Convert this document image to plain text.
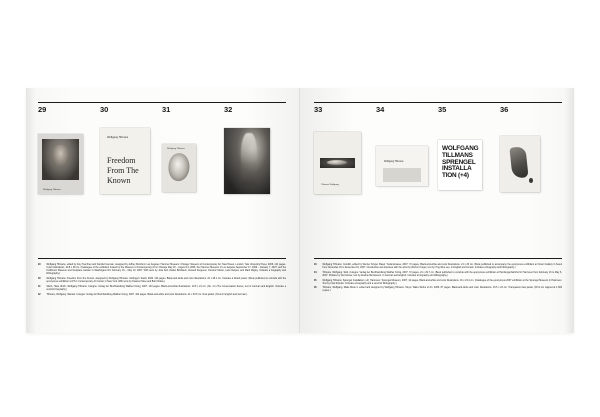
29	30	31	32
Wolfgang Tillmans
Wolfgang Tillmans
Freedom From The Known
Wolfgang Tillmans
29	Wolfgang Tillmans, edited by Amy Teschner and Kamila Foreman, designed by Jeffrey Mumford. Los Angeles: Hammer Museum; Chicago: Museum of Contemporary Art; New Haven, London: Yale University Press, 2006. 141 pages. Color illustrations. 23.8 x 28 cm. (Catalogue of the exhibition hosted by the Museum of Contemporary Art in Chicago May 20 – August 13, 2006; the Hammer Museum in Los Angeles September 17, 2006 – January 7, 2007; and the Krollbrunn Museum and Sculpture Garden in Washington DC February 15 – May 13, 2007. With texts by Julie Ault, Daniel Birnbaum, Russell Ferguson, Dominic Molon, Lane Relyea, and Mark Wigley. Includes a biography and bibliography.)
30	Wolfgang Tillmans: Freedom From the Known, designed by Wolfgang Tillmans. Göttingen: Steidl, 2006. 124 pages. Black-and-white and color illustrations. 22 x 28.1 cm. Includes a folded poster. (Book published to coincide with the eponymous exhibition at P.S.1 Contemporary Art Center in New York. With texts by Kwame Helse and Bob Nickas.)
31	Silent, Hans Ulrich, Wolfgang Tillmans: Cologne: Verlag der Buchhandlung Walther König, 2007. 143 pages. Black-and-white illustrations. 10.5 x 21 cm. (No. 4 in The Conversation Series, text in German and English. Includes a succinct biography.)
32	Tillmans, Wolfgang. Manual. Cologne: Verlag der Buchhandlung Walther König, 2007. 422 pages. Black-and-white and color illustrations. 21 x 30.5 cm. Dust jacket. (Texts in English and German.)
33	34	35	36
Tillmans Wolfgang
Wolfgang Tillmans
WOLFGANG TILLMANS SPRENGEL INSTALLA TION (+4)
33	Wolfgang Tillmans: Conditti, edited by Werner Krüger. Basel: Teufenstrasse, 2007. 72 pages. Black-and-white and color illustrations. 21 x 26 cm. (Book published to accompany the eponymous exhibition at Orsoni Gallery in Seoul from November 16 to December 10, 2007. Introduction and interview with the artist by Werner Krüger, text by Ying Woo Lee, in English and Korean. Includes a biography and bibliography.)
34	Tillmans, Wolfgang. Skid. Cologne: Verlag der Buchhandlung Walther König, 2007. 72 pages. 21 x 29.7 cm. (Book published to coincide with the eponymous exhibition at Hamburgerbahnhof in Hannover from February 16 to May 6, 2007. Preface by Veit Görner, text by Eveline Bernasconi. In German and English. Includes a biography and bibliography.)
35	Wolfgang Tillmans: Sprengel Installation (+4). Hannover: Sprengel Museum, 2007. 44 pages. Black-and-white and color illustrations. 16 x 23.4 cm. (Catalogue of the eponymous 2007 exhibition at the Sprengel Museum in Hannover. Text by Irina Schulze. Includes a biography and a succinct bibliography.)
36	Tillmans, Wolfgang. Make Book 4, edited and designed by Wolfgang Tillmans. Tokyo: Wako Works of Art, 2008. 87 pages. Black-and-white and color illustrations. 15.5 x 22 cm. Transparent dust jacket. (Print run capped at 1,500 copies.)
